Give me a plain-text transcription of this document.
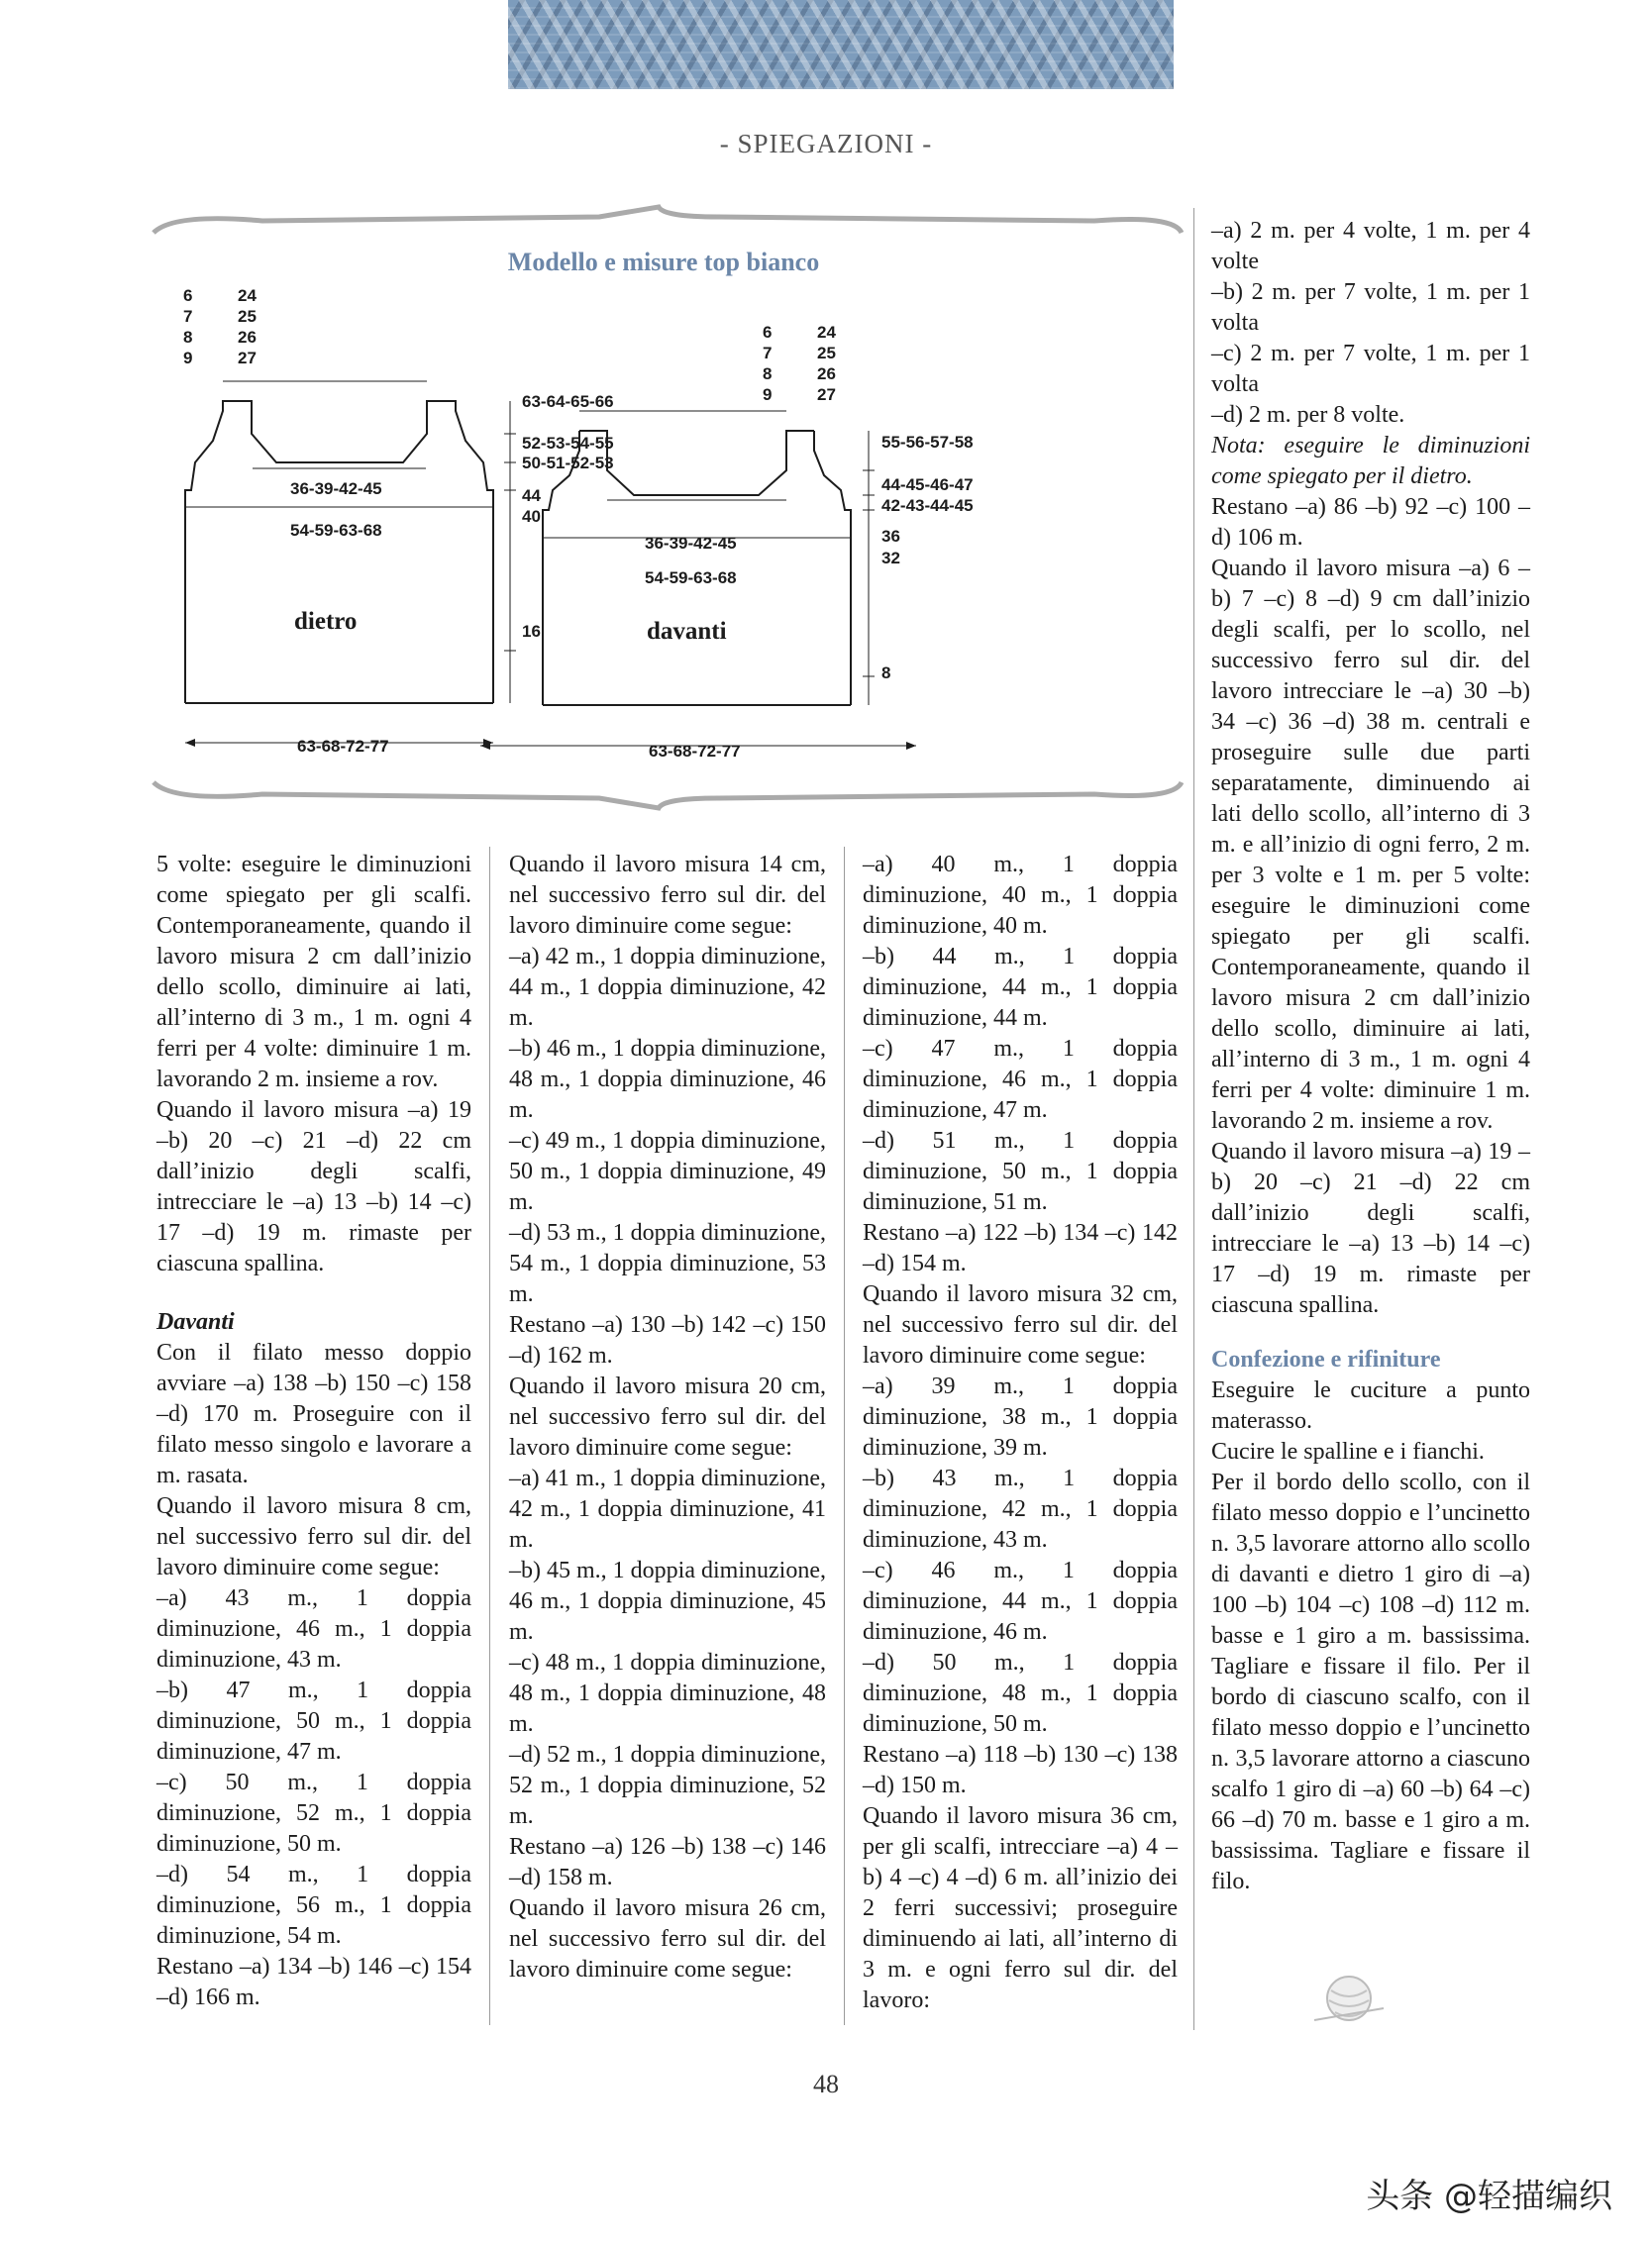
- SPIEGAZIONI -
Modello e misure top bianco
6
7
8
9
24
25
26
27
63-64-65-66
52-53-54-55
50-51-52-53
44
40
16
36-39-42-45
54-59-63-68
dietro
63-68-72-77
6
7
8
9
24
25
26
27
55-56-57-58
44-45-46-47
42-43-44-45
36
32
8
36-39-42-45
54-59-63-68
davanti
63-68-72-77

5 volte: eseguire le diminuzioni come spiegato per gli scalfi. Contemporaneamente, quando il lavoro misura 2 cm dall’inizio dello scollo, diminuire ai lati, all’interno di 3 m., 1 m. ogni 4 ferri per 4 volte: diminuire 1 m. lavorando 2 m. insieme a rov.

Quando il lavoro misura –a) 19 –b) 20 –c) 21 –d) 22 cm dall’inizio degli scalfi, intrecciare le –a) 13 –b) 14 –c) 17 –d) 19 m. rimaste per ciascuna spallina.

Davanti

Con il filato messo doppio avviare –a) 138 –b) 150 –c) 158 –d) 170 m. Proseguire con il filato messo singolo e lavorare a m. rasata.

Quando il lavoro misura 8 cm, nel successivo ferro sul dir. del lavoro diminuire come segue:

–a) 43 m., 1 doppia diminuzione, 46 m., 1 doppia diminuzione, 43 m.

–b) 47 m., 1 doppia diminuzione, 50 m., 1 doppia diminuzione, 47 m.

–c) 50 m., 1 doppia diminuzione, 52 m., 1 doppia diminuzione, 50 m.

–d) 54 m., 1 doppia diminuzione, 56 m., 1 doppia diminuzione, 54 m.

Restano –a) 134 –b) 146 –c) 154 –d) 166 m.

Quando il lavoro misura 14 cm, nel successivo ferro sul dir. del lavoro diminuire come segue:

–a) 42 m., 1 doppia diminuzione, 44 m., 1 doppia diminuzione, 42 m.

–b) 46 m., 1 doppia diminuzione, 48 m., 1 doppia diminuzione, 46 m.

–c) 49 m., 1 doppia diminuzione, 50 m., 1 doppia diminuzione, 49 m.

–d) 53 m., 1 doppia diminuzione, 54 m., 1 doppia diminuzione, 53 m.

Restano –a) 130 –b) 142 –c) 150 –d) 162 m.

Quando il lavoro misura 20 cm, nel successivo ferro sul dir. del lavoro diminuire come segue:

–a) 41 m., 1 doppia diminuzione, 42 m., 1 doppia diminuzione, 41 m.

–b) 45 m., 1 doppia diminuzione, 46 m., 1 doppia diminuzione, 45 m.

–c) 48 m., 1 doppia diminuzione, 48 m., 1 doppia diminuzione, 48 m.

–d) 52 m., 1 doppia diminuzione, 52 m., 1 doppia diminuzione, 52 m.

Restano –a) 126 –b) 138 –c) 146 –d) 158 m.

Quando il lavoro misura 26 cm, nel successivo ferro sul dir. del lavoro diminuire come segue:

–a) 40 m., 1 doppia diminuzione, 40 m., 1 doppia diminuzione, 40 m.

–b) 44 m., 1 doppia diminuzione, 44 m., 1 doppia diminuzione, 44 m.

–c) 47 m., 1 doppia diminuzione, 46 m., 1 doppia diminuzione, 47 m.

–d) 51 m., 1 doppia diminuzione, 50 m., 1 doppia diminuzione, 51 m.

Restano –a) 122 –b) 134 –c) 142 –d) 154 m.

Quando il lavoro misura 32 cm, nel successivo ferro sul dir. del lavoro diminuire come segue:

–a) 39 m., 1 doppia diminuzione, 38 m., 1 doppia diminuzione, 39 m.

–b) 43 m., 1 doppia diminuzione, 42 m., 1 doppia diminuzione, 43 m.

–c) 46 m., 1 doppia diminuzione, 44 m., 1 doppia diminuzione, 46 m.

–d) 50 m., 1 doppia diminuzione, 48 m., 1 doppia diminuzione, 50 m.

Restano –a) 118 –b) 130 –c) 138 –d) 150 m.

Quando il lavoro misura 36 cm, per gli scalfi, intrecciare –a) 4 –b) 4 –c) 4 –d) 6 m. all’inizio dei 2 ferri successivi; proseguire diminuendo ai lati, all’interno di 3 m. e ogni ferro sul dir. del lavoro:

–a) 2 m. per 4 volte, 1 m. per 4 volte

–b) 2 m. per 7 volte, 1 m. per 1 volta

–c) 2 m. per 7 volte, 1 m. per 1 volta

–d) 2 m. per 8 volte.

Nota: eseguire le diminuzioni come spiegato per il dietro.

Restano –a) 86 –b) 92 –c) 100 –d) 106 m.

Quando il lavoro misura –a) 6 –b) 7 –c) 8 –d) 9 cm dall’inizio degli scalfi, per lo scollo, nel successivo ferro sul dir. del lavoro intrecciare le –a) 30 –b) 34 –c) 36 –d) 38 m. centrali e proseguire sulle due parti separatamente, diminuendo ai lati dello scollo, all’interno di 3 m. e all’inizio di ogni ferro, 2 m. per 3 volte e 1 m. per 5 volte: eseguire le diminuzioni come spiegato per gli scalfi. Contemporaneamente, quando il lavoro misura 2 cm dall’inizio dello scollo, diminuire ai lati, all’interno di 3 m., 1 m. ogni 4 ferri per 4 volte: diminuire 1 m. lavorando 2 m. insieme a rov.

Quando il lavoro misura –a) 19 –b) 20 –c) 21 –d) 22 cm dall’inizio degli scalfi, intrecciare le –a) 13 –b) 14 –c) 17 –d) 19 m. rimaste per ciascuna spallina.

Confezione e rifiniture

Eseguire le cuciture a punto materasso.

Cucire le spalline e i fianchi.

Per il bordo dello scollo, con il filato messo doppio e l’uncinetto n. 3,5 lavorare attorno allo scollo di davanti e dietro 1 giro di –a) 100 –b) 104 –c) 108 –d) 112 m. basse e 1 giro a m. bassissima. Tagliare e fissare il filo. Per il bordo di ciascuno scalfo, con il filato messo doppio e l’uncinetto n. 3,5 lavorare attorno a ciascuno scalfo 1 giro di –a) 60 –b) 64 –c) 66 –d) 70 m. basse e 1 giro a m. bassissima. Tagliare e fissare il filo.

48
头条 @轻描编织
